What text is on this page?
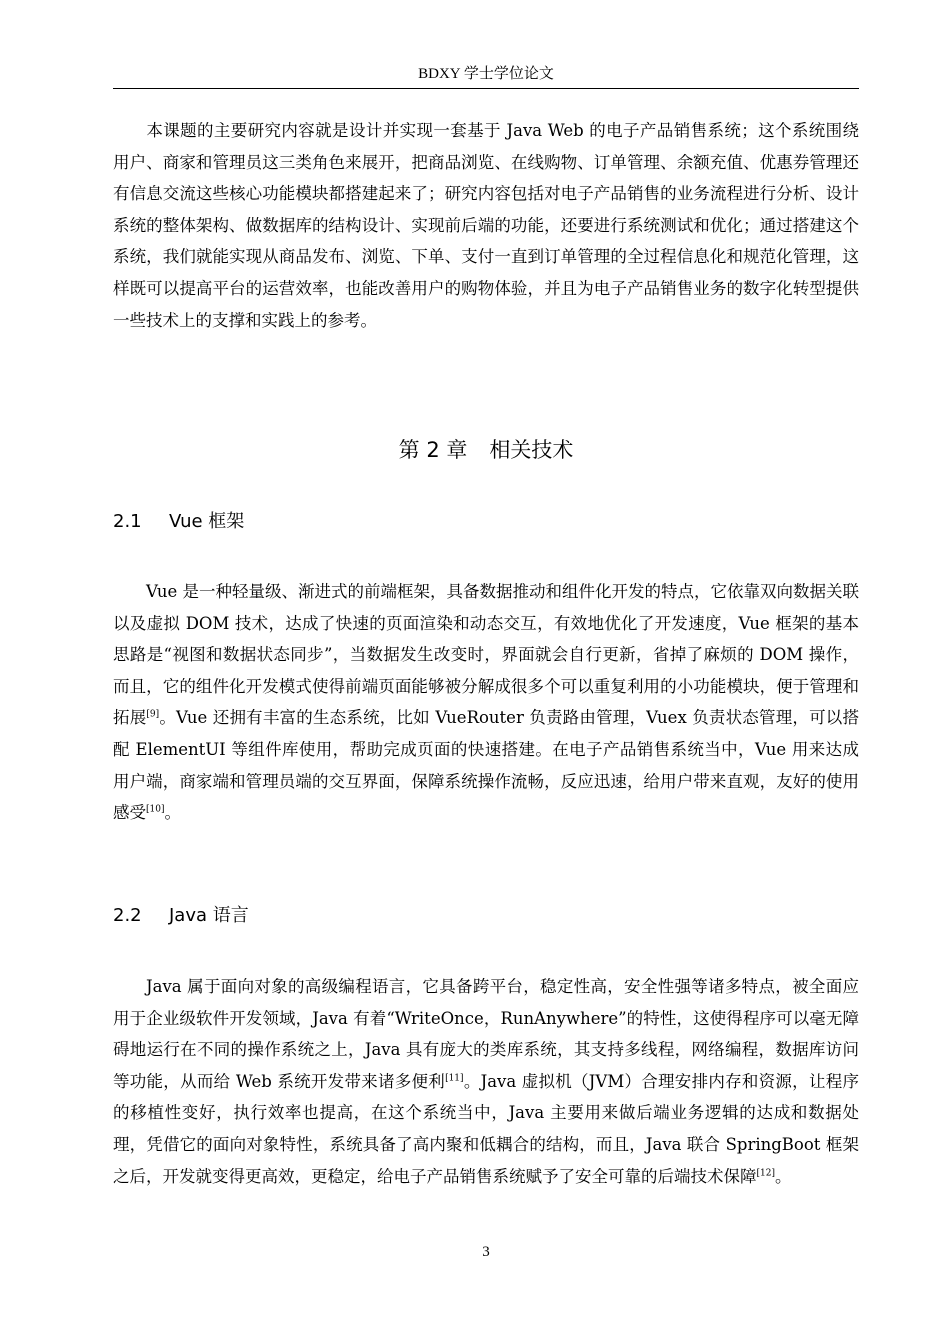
BDXY 学士学位论文

本课题的主要研究内容就是设计并实现一套基于 Java Web 的电子产品销售系统；这个系统围绕用户、商家和管理员这三类角色来展开，把商品浏览、在线购物、订单管理、余额充值、优惠券管理还有信息交流这些核心功能模块都搭建起来了；研究内容包括对电子产品销售的业务流程进行分析、设计系统的整体架构、做数据库的结构设计、实现前后端的功能，还要进行系统测试和优化；通过搭建这个系统，我们就能实现从商品发布、浏览、下单、支付一直到订单管理的全过程信息化和规范化管理，这样既可以提高平台的运营效率，也能改善用户的购物体验，并且为电子产品销售业务的数字化转型提供一些技术上的支撑和实践上的参考。

第 2 章 相关技术
2.1 Vue 框架

Vue 是一种轻量级、渐进式的前端框架，具备数据推动和组件化开发的特点，它依靠双向数据关联以及虚拟 DOM 技术，达成了快速的页面渲染和动态交互，有效地优化了开发速度，Vue 框架的基本思路是“视图和数据状态同步”，当数据发生改变时，界面就会自行更新，省掉了麻烦的 DOM 操作，而且，它的组件化开发模式使得前端页面能够被分解成很多个可以重复利用的小功能模块，便于管理和拓展[9]。Vue 还拥有丰富的生态系统，比如 VueRouter 负责路由管理，Vuex 负责状态管理，可以搭配 ElementUI 等组件库使用，帮助完成页面的快速搭建。在电子产品销售系统当中，Vue 用来达成用户端，商家端和管理员端的交互界面，保障系统操作流畅，反应迅速，给用户带来直观，友好的使用感受[10]。

2.2 Java 语言

Java 属于面向对象的高级编程语言，它具备跨平台，稳定性高，安全性强等诸多特点，被全面应用于企业级软件开发领域，Java 有着“WriteOnce，RunAnywhere”的特性，这使得程序可以毫无障碍地运行在不同的操作系统之上，Java 具有庞大的类库系统，其支持多线程，网络编程，数据库访问等功能，从而给 Web 系统开发带来诸多便利[11]。Java 虚拟机（JVM）合理安排内存和资源，让程序的移植性变好，执行效率也提高，在这个系统当中，Java 主要用来做后端业务逻辑的达成和数据处理，凭借它的面向对象特性，系统具备了高内聚和低耦合的结构，而且，Java 联合 SpringBoot 框架之后，开发就变得更高效，更稳定，给电子产品销售系统赋予了安全可靠的后端技术保障[12]。

3
